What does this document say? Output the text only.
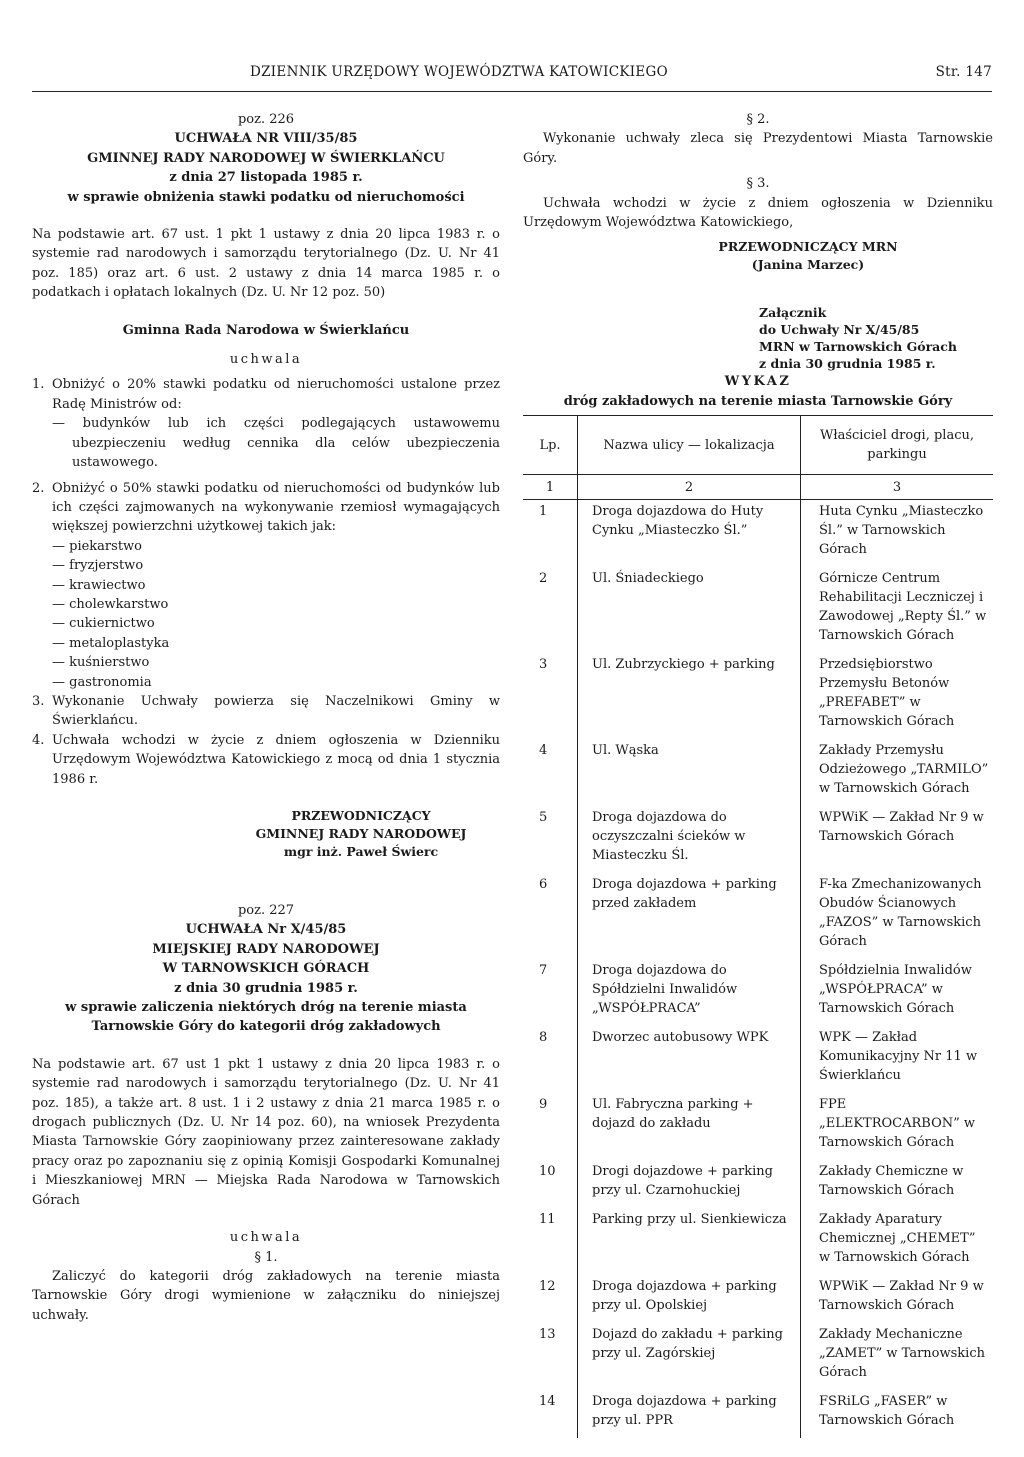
DZIENNIK URZĘDOWY WOJEWÓDZTWA KATOWICKIEGO	Str. 147
poz. 226
UCHWAŁA NR VIII/35/85
GMINNEJ RADY NARODOWEJ W ŚWIERKLAŃCU
z dnia 27 listopada 1985 r.
w sprawie obniżenia stawki podatku od nieruchomości

Na podstawie art. 67 ust. 1 pkt 1 ustawy z dnia 20 lipca 1983 r. o systemie rad narodowych i samorządu terytorialnego (Dz. U. Nr 41 poz. 185) oraz art. 6 ust. 2 ustawy z dnia 14 marca 1985 r. o podatkach i opłatach lokalnych (Dz. U. Nr 12 poz. 50)

Gminna Rada Narodowa w Świerklańcu
uchwala
1. Obniżyć o 20% stawki podatku od nieruchomości ustalone przez Radę Ministrów od:
— budynków lub ich części podlegających ustawowemu ubezpieczeniu według cennika dla celów ubezpieczenia ustawowego.
2. Obniżyć o 50% stawki podatku od nieruchomości od budynków lub ich części zajmowanych na wykonywanie rzemiosł wymagających większej powierzchni użytkowej takich jak:
— piekarstwo
— fryzjerstwo
— krawiectwo
— cholewkarstwo
— cukiernictwo
— metaloplastyka
— kuśnierstwo
— gastronomia
3. Wykonanie Uchwały powierza się Naczelnikowi Gminy w Świerklańcu.
4. Uchwała wchodzi w życie z dniem ogłoszenia w Dzienniku Urzędowym Województwa Katowickiego z mocą od dnia 1 stycznia 1986 r.
PRZEWODNICZĄCY
GMINNEJ RADY NARODOWEJ
mgr inż. Paweł Świerc
poz. 227
UCHWAŁA Nr X/45/85
MIEJSKIEJ RADY NARODOWEJ
W TARNOWSKICH GÓRACH
z dnia 30 grudnia 1985 r.
w sprawie zaliczenia niektórych dróg na terenie miasta Tarnowskie Góry do kategorii dróg zakładowych

Na podstawie art. 67 ust 1 pkt 1 ustawy z dnia 20 lipca 1983 r. o systemie rad narodowych i samorządu terytorialnego (Dz. U. Nr 41 poz. 185), a także art. 8 ust. 1 i 2 ustawy z dnia 21 marca 1985 r. o drogach publicznych (Dz. U. Nr 14 poz. 60), na wniosek Prezydenta Miasta Tarnowskie Góry zaopiniowany przez zainteresowane zakłady pracy oraz po zapoznaniu się z opinią Komisji Gospodarki Komunalnej i Mieszkaniowej MRN — Miejska Rada Narodowa w Tarnowskich Górach

uchwala
§ 1.

Zaliczyć do kategorii dróg zakładowych na terenie miasta Tarnowskie Góry drogi wymienione w załączniku do niniejszej uchwały.

§ 2.

Wykonanie uchwały zleca się Prezydentowi Miasta Tarnowskie Góry.

§ 3.

Uchwała wchodzi w życie z dniem ogłoszenia w Dzienniku Urzędowym Województwa Katowickiego,

PRZEWODNICZĄCY MRN
(Janina Marzec)
Załącznik
do Uchwały Nr X/45/85
MRN w Tarnowskich Górach
z dnia 30 grudnia 1985 r.
WYKAZ
dróg zakładowych na terenie miasta Tarnowskie Góry
Lp.	Nazwa ulicy — lokalizacja	Właściciel drogi, placu, parkingu
1	2	3
1	Droga dojazdowa do Huty Cynku „Miasteczko Śl.”	Huta Cynku „Miasteczko Śl.” w Tarnowskich Górach
2	Ul. Śniadeckiego	Górnicze Centrum Rehabilitacji Leczniczej i Zawodowej „Repty Śl.” w Tarnowskich Górach
3	Ul. Zubrzyckiego + parking	Przedsiębiorstwo Przemysłu Betonów „PREFABET” w Tarnowskich Górach
4	Ul. Wąska	Zakłady Przemysłu Odzieżowego „TARMILO” w Tarnowskich Górach
5	Droga dojazdowa do oczyszczalni ścieków w Miasteczku Śl.	WPWiK — Zakład Nr 9 w Tarnowskich Górach
6	Droga dojazdowa + parking przed zakładem	F-ka Zmechanizowanych Obudów Ścianowych „FAZOS” w Tarnowskich Górach
7	Droga dojazdowa do Spółdzielni Inwalidów „WSPÓŁPRACA”	Spółdzielnia Inwalidów „WSPÓŁPRACA” w Tarnowskich Górach
8	Dworzec autobusowy WPK	WPK — Zakład Komunikacyjny Nr 11 w Świerklańcu
9	Ul. Fabryczna parking + dojazd do zakładu	FPE „ELEKTROCARBON” w Tarnowskich Górach
10	Drogi dojazdowe + parking przy ul. Czarnohuckiej	Zakłady Chemiczne w Tarnowskich Górach
11	Parking przy ul. Sienkiewicza	Zakłady Aparatury Chemicznej „CHEMET” w Tarnowskich Górach
12	Droga dojazdowa + parking przy ul. Opolskiej	WPWiK — Zakład Nr 9 w Tarnowskich Górach
13	Dojazd do zakładu + parking przy ul. Zagórskiej	Zakłady Mechaniczne „ZAMET” w Tarnowskich Górach
14	Droga dojazdowa + parking przy ul. PPR	FSRiLG „FASER” w Tarnowskich Górach
